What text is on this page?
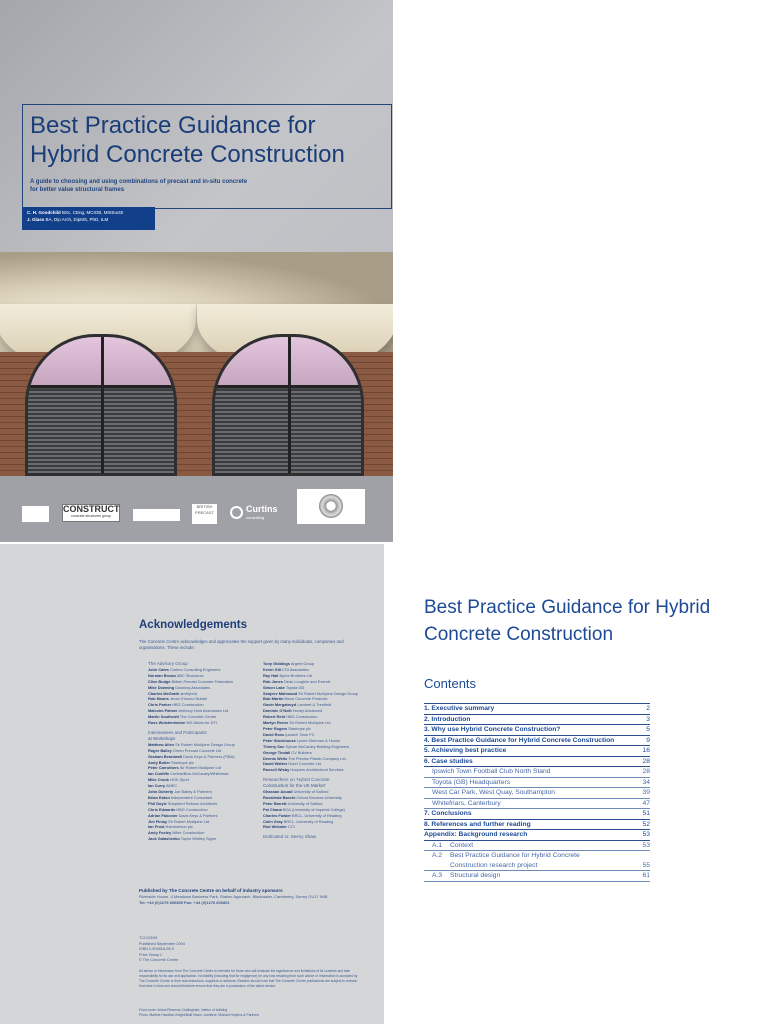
Best Practice Guidance for Hybrid Concrete Construction

A guide to choosing and using combinations of precast and in-situ concrete for better value structural frames

C. H. Goodchild BSc, CEng, MCIOB, MIStructE

J. Glass BA, Dip Arch, DipMS, PhD, ILM

CONSTRUCT
concrete structures group
BRITISH
PRECAST	Curtins
consulting
Acknowledgements

The Concrete Centre acknowledges and appreciates the support given by many individuals, companies and organisations. These include:

The Advisory Group

John Cates Curtins Consulting Engineers

Norman Brown ABC Structures

Clive Budge British Precast Concrete Federation

Mike Downing Downing Associates

Charles McGrath amHybrid

Rob Means Jecon Elmond Nuttall

Chris Parker HBG Construction

Malcolm Palmer Anthony Hunt Associates Ltd

Martin Southcott The Concrete Centre

Russ Wolstenholme WS Atkins for DTI

Interviewees and Participants

at Workshops

Matthew Allen Sir Robert McAlpine Design Group

Roger Bailey Green Precast Concrete Ltd

Graham Beardwell Davis Keys & Partners (FIBA)

Andy Butler Stanhope plc

Peter Carruthers Sir Robert McAlpine Ltd

Ian Cunliffe Curtins/Bow McCauley/Whitbread

Mike Crook HOK Sport

Ian Curry AMEC

John Doherty Joe Batley & Partners

Brian Eaton Independent Consultant

Phil Doyle Shepherd Robson Architects

Chris Edwards HBG Construction

Adrian Falconer Davis Keys & Partners

Jim Finlay Sir Robert McAlpine Ltd

Ian Frost Hammerson plc

Andy Foxley Miller Construction

Jack Galashenko Taylor Whitley Spyer

Tony Giddings Argent Group

Kevin Gill CGI Associates

Ray Hall Byrne Brothers Ltd

Rob Jones Dean Loughlin and Everett

Simon Lake Toyota GB

Sanjeev Mahmood Sir Robert McAlpine Design Group

Bob Martin Bison Concrete Products

Gavin Mergatroyd Lambert & Trenfield

Dominic O'Neill Honey Advanced

Robert Reid HBG Construction

Martyn Reeve Sir Robert McAlpine Ltd

Peter Rogers Stanhope plc

David Ross Ipswich Town FC

Peter Stockhouse Lynes Sherman & House

Thierry Sue Sylvan McCauley Building Engineers

George Tindall CV Builders

Dennis Wells The Precise Plastic Company Ltd

David Walker Dorel Concrete Ltd

Russell Wisby Hoopers Architectural Services

Researchers on 'Hybrid Concrete

Construction for the UK Market'

Ghassan Aouad University of Salford

Rosalinda Bacchi Oxford Brookes University

Peter Barrett University of Salford

Pal Chana BCA (University of Imperial College)

Charles Fowler BRCL, University of Reading

Colin Gray BRCL, University of Reading

Rod Webster CCI

Dedicated to: Seeny Shaw

Published by The Concrete Centre on behalf of industry sponsors

Riverside House, 4 Meadows Business Park, Station Approach, Blackwater, Camberley, Surrey GU17 9AB

Tel: +44 (0)1276 606800 Fax: +44 (0)1276 606801

TCC/03/09

Published September 2004

ISBN 1-904818-09-9

Price Group L

© The Concrete Centre

All advice or information from The Concrete Centre is intended for those who will evaluate the significance and limitations of its contents and take responsibility for its use and application. No liability (including that for negligence) for any loss resulting from such advice or information is accepted by The Concrete Centre or their subcontractors, suppliers or advisors. Readers should note that The Concrete Centre publications are subject to revision from time to time and should therefore ensure that they are in possession of the latest version.

Front cover: Inland Revenue, Nottingham; interior of building

Photo: Martine Hamilton-Knight/Built Vision. Architect: Michael Hopkins & Partners

Best Practice Guidance for Hybrid Concrete Construction
Contents
1. Executive summary	2
2. Introduction	3
3. Why use Hybrid Concrete Construction?	5
4. Best Practice Guidance for Hybrid Concrete Construction	9
5. Achieving best practice	16
6. Case studies	28
Ipswich Town Football Club North Stand	28
Toyota (GB) Headquarters	34
West Car Park, West Quay, Southampton	39
Whitefriars, Canterbury	47
7. Conclusions	51
8. References and further reading	52
Appendix: Background research	53
A.1 Context	53
A.2 Best Practice Guidance for Hybrid Concrete
Construction research project	55
A.3 Structural design	61
